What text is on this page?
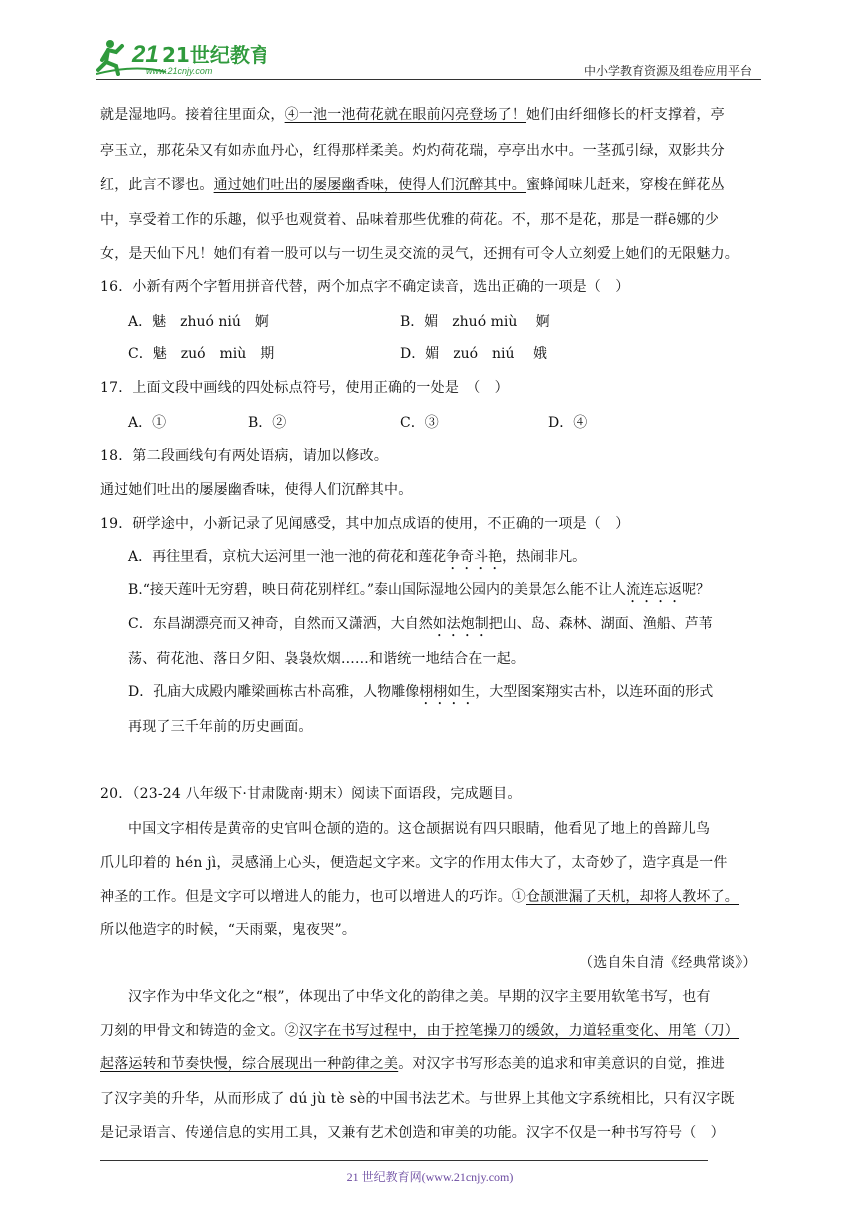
21 21世纪教育
www.21cnjy.com	中小学教育资源及组卷应用平台
就是湿地吗。接着往里面众，④一池一池荷花就在眼前闪亮登场了！她们由纤细修长的杆支撑着，亭
亭玉立，那花朵又有如赤血丹心，红得那样柔美。灼灼荷花瑞，亭亭出水中。一茎孤引绿，双影共分
红，此言不谬也。通过她们吐出的屡屡幽香味，使得人们沉醉其中。蜜蜂闻味儿赶来，穿梭在鲜花丛
中，享受着工作的乐趣，似乎也观赏着、品味着那些优雅的荷花。不，那不是花，那是一群ē娜的少
女，是天仙下凡！她们有着一股可以与一切生灵交流的灵气，还拥有可令人立刻爱上她们的无限魅力。
16．小新有两个字暂用拼音代替，两个加点字不确定读音，选出正确的一项是（　）
A．魅　zhuó niú　婀	B．媚　zhuó miù　 婀
C．魅　zuó　miù　期	D．媚　zuó　niú　 娥
17．上面文段中画线的四处标点符号，使用正确的一处是　（　）
A．①	B．②	C．③	D．④
18．第二段画线句有两处语病，请加以修改。
通过她们吐出的屡屡幽香味，使得人们沉醉其中。
19．研学途中，小新记录了见闻感受，其中加点成语的使用，不正确的一项是（　）
A．再往里看，京杭大运河里一池一池的荷花和莲花争奇斗艳，热闹非凡。
B.“接天莲叶无穷碧，映日荷花别样红。”泰山国际湿地公园内的美景怎么能不让人流连忘返呢？
C．东昌湖漂亮而又神奇，自然而又潇洒，大自然如法炮制把山、岛、森林、湖面、渔船、芦苇
荡、荷花池、落日夕阳、袅袅炊烟......和谐统一地结合在一起。
D．孔庙大成殿内雕梁画栋古朴高雅，人物雕像栩栩如生，大型图案翔实古朴，以连环面的形式
再现了三千年前的历史画面。
20．（23-24 八年级下·甘肃陇南·期末）阅读下面语段，完成题目。
中国文字相传是黄帝的史官叫仓颉的造的。这仓颉据说有四只眼睛，他看见了地上的兽蹄儿鸟
爪儿印着的 hén jì，灵感涌上心头，便造起文字来。文字的作用太伟大了，太奇妙了，造字真是一件
神圣的工作。但是文字可以增进人的能力，也可以增进人的巧诈。①仓颉泄漏了天机，却将人教坏了。
所以他造字的时候，“天雨粟，鬼夜哭”。
（选自朱自清《经典常谈》）
汉字作为中华文化之“根”，体现出了中华文化的韵律之美。早期的汉字主要用软笔书写，也有
刀刻的甲骨文和铸造的金文。②汉字在书写过程中，由于控笔操刀的缓敛，力道轻重变化、用笔（刀）
起落运转和节奏快慢，综合展现出一种韵律之美。对汉字书写形态美的追求和审美意识的自觉，推进
了汉字美的升华，从而形成了 dú jù tè sè的中国书法艺术。与世界上其他文字系统相比，只有汉字既
是记录语言、传递信息的实用工具，又兼有艺术创造和审美的功能。汉字不仅是一种书写符号（　）
21 世纪教育网(www.21cnjy.com)
